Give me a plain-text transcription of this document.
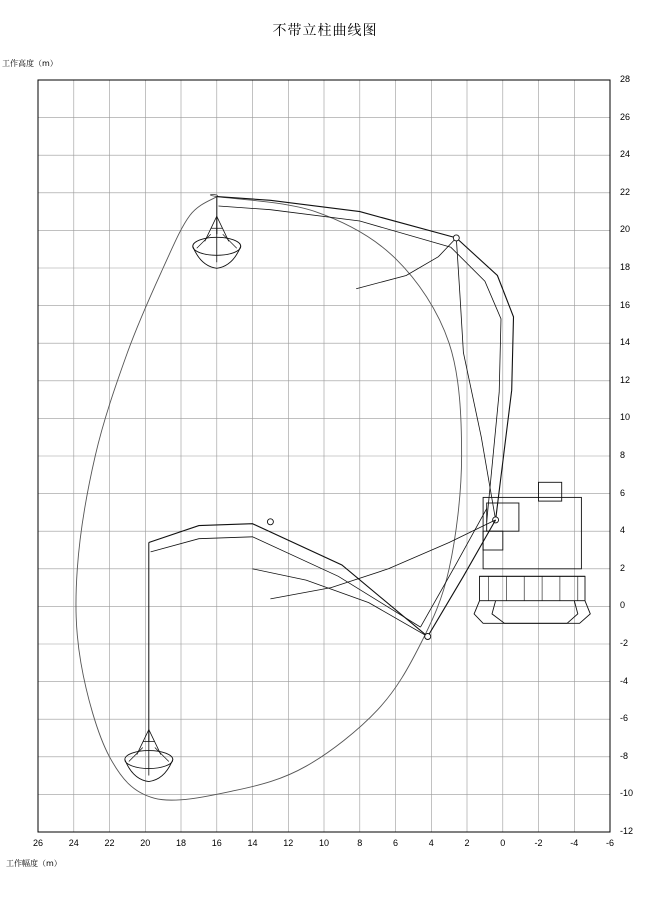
不带立柱曲线图
工作高度（m）
工作幅度（m）
28
26
24
22
20
18
16
14
12
10
8
6
4
2
0
-2
-4
-6
-8
-10
-12
26	24	22	20	18	16	14	12	10	8	6	4	2	0	-2	-4	-6
